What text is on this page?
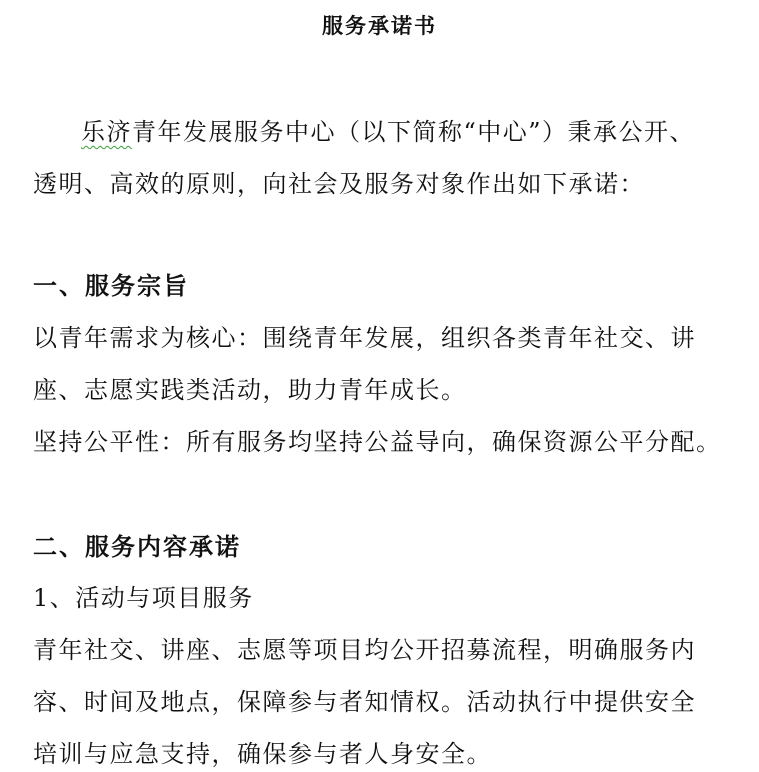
服务承诺书
乐济青年发展服务中心（以下简称“中心”）秉承公开、
透明、高效的原则，向社会及服务对象作出如下承诺：
一、服务宗旨
以青年需求为核心：围绕青年发展，组织各类青年社交、讲
座、志愿实践类活动，助力青年成长。
坚持公平性：所有服务均坚持公益导向，确保资源公平分配。
二、服务内容承诺
1、活动与项目服务
青年社交、讲座、志愿等项目均公开招募流程，明确服务内
容、时间及地点，保障参与者知情权。活动执行中提供安全
培训与应急支持，确保参与者人身安全。
